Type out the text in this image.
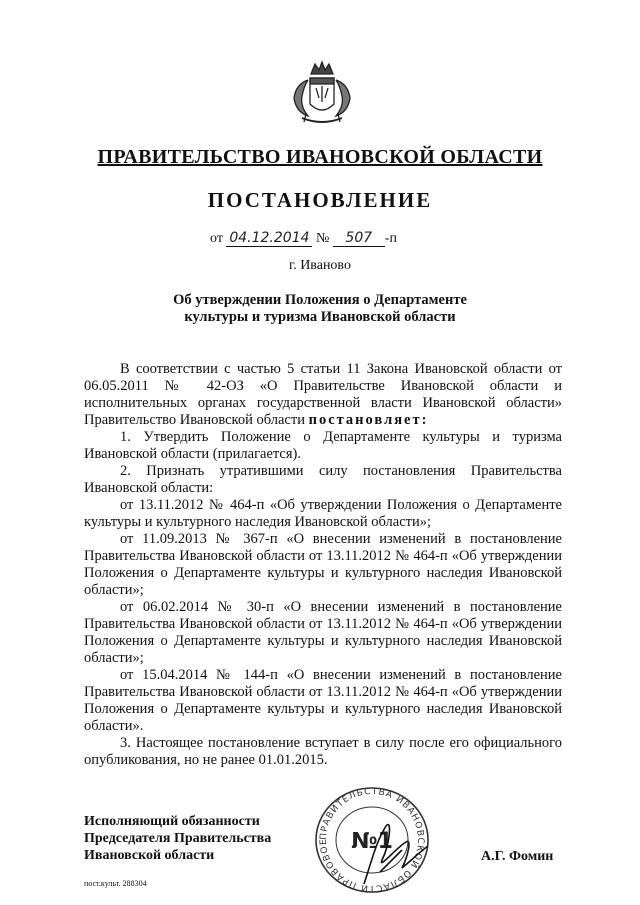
ПРАВИТЕЛЬСТВО ИВАНОВСКОЙ ОБЛАСТИ
ПОСТАНОВЛЕНИЕ
от 04.12.2014 № 507 -п
г. Иваново
Об утверждении Положения о Департаменте
культуры и туризма Ивановской области

В соответствии с частью 5 статьи 11 Закона Ивановской области от 06.05.2011 № 42-ОЗ «О Правительстве Ивановской области и исполнительных органах государственной власти Ивановской области» Правительство Ивановской области постановляет:

1. Утвердить Положение о Департаменте культуры и туризма Ивановской области (прилагается).

2. Признать утратившими силу постановления Правительства Ивановской области:

от 13.11.2012 № 464-п «Об утверждении Положения о Департаменте культуры и культурного наследия Ивановской области»;

от 11.09.2013 № 367-п «О внесении изменений в постановление Правительства Ивановской области от 13.11.2012 № 464-п «Об утверждении Положения о Департаменте культуры и культурного наследия Ивановской области»;

от 06.02.2014 № 30-п «О внесении изменений в постановление Правительства Ивановской области от 13.11.2012 № 464-п «Об утверждении Положения о Департаменте культуры и культурного наследия Ивановской области»;

от 15.04.2014 № 144-п «О внесении изменений в постановление Правительства Ивановской области от 13.11.2012 № 464-п «Об утверждении Положения о Департаменте культуры и культурного наследия Ивановской области».

3. Настоящее постановление вступает в силу после его официального опубликования, но не ранее 01.01.2015.

ПРАВИТЕЛЬСТВА ИВАНОВСКОЙ ОБЛАСТИ ПРАВОВОЕ №1
Исполняющий обязанности
Председателя Правительства
Ивановской области	А.Г. Фомин
пост.культ. 288304
